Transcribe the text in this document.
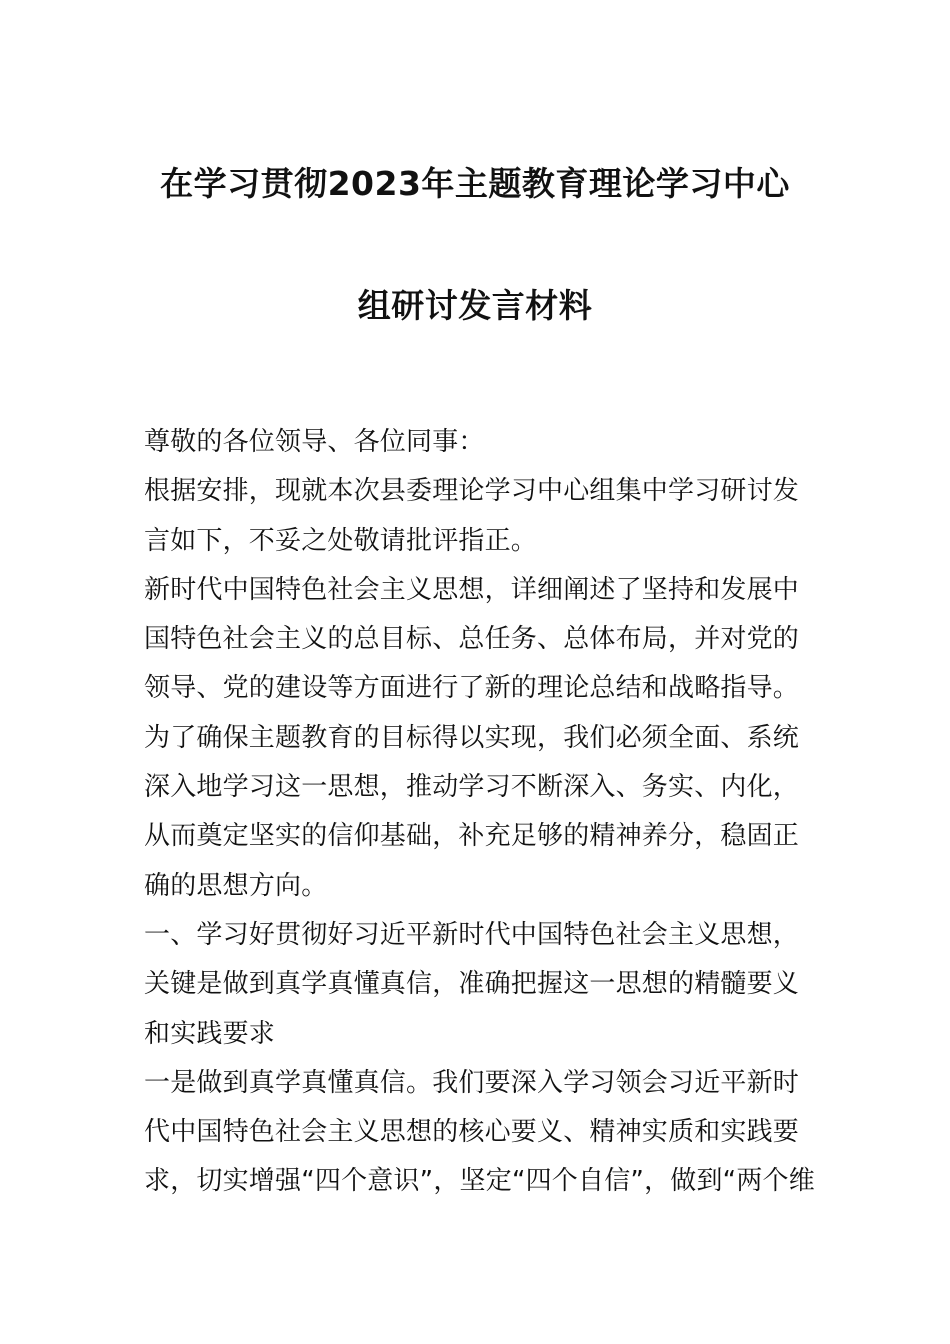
在学习贯彻2023年主题教育理论学习中心
组研讨发言材料
尊敬的各位领导、各位同事：
根据安排，现就本次县委理论学习中心组集中学习研讨发
言如下，不妥之处敬请批评指正。
新时代中国特色社会主义思想，详细阐述了坚持和发展中
国特色社会主义的总目标、总任务、总体布局，并对党的
领导、党的建设等方面进行了新的理论总结和战略指导。
为了确保主题教育的目标得以实现，我们必须全面、系统
深入地学习这一思想，推动学习不断深入、务实、内化，
从而奠定坚实的信仰基础，补充足够的精神养分，稳固正
确的思想方向。
一、学习好贯彻好习近平新时代中国特色社会主义思想，
关键是做到真学真懂真信，准确把握这一思想的精髓要义
和实践要求
一是做到真学真懂真信。我们要深入学习领会习近平新时
代中国特色社会主义思想的核心要义、精神实质和实践要
求，切实增强“四个意识”，坚定“四个自信”，做到“两个维
